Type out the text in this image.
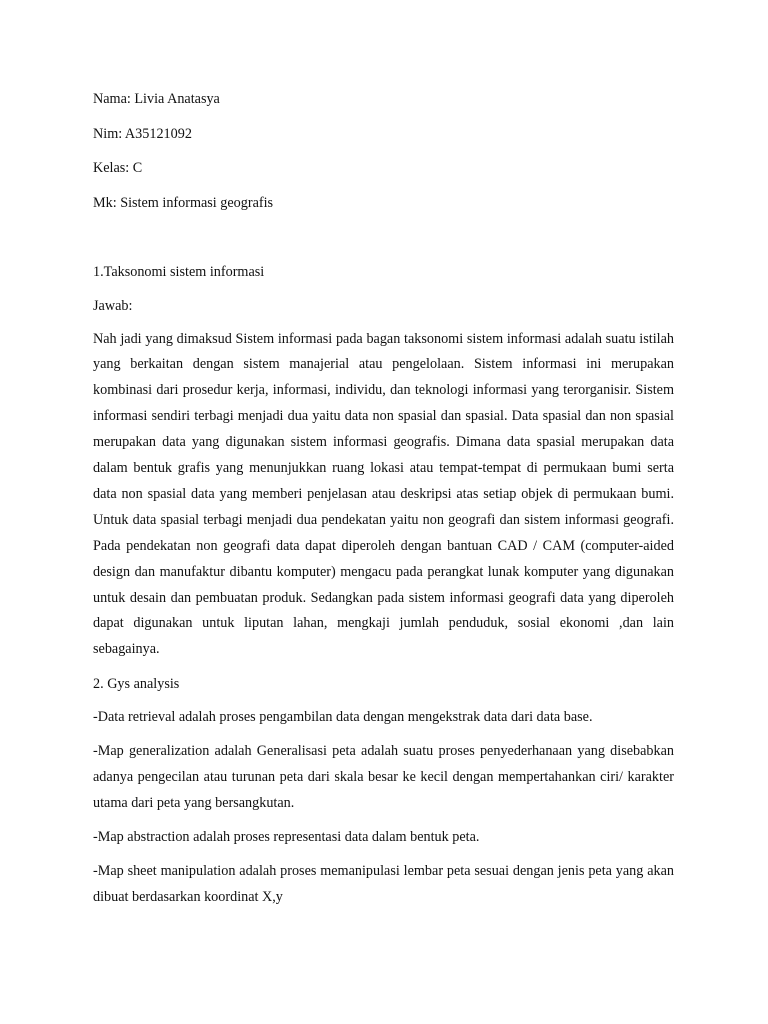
Nama: Livia Anatasya

Nim: A35121092

Kelas: C

Mk: Sistem informasi geografis

1.Taksonomi sistem informasi

Jawab:

Nah jadi yang dimaksud Sistem informasi pada bagan taksonomi sistem informasi adalah suatu istilah yang berkaitan dengan sistem manajerial atau pengelolaan. Sistem informasi ini merupakan kombinasi dari prosedur kerja, informasi, individu, dan teknologi informasi yang terorganisir. Sistem informasi sendiri terbagi menjadi dua yaitu data non spasial dan spasial. Data spasial dan non spasial merupakan data yang digunakan sistem informasi geografis. Dimana data spasial merupakan data dalam bentuk grafis yang menunjukkan ruang lokasi atau tempat-tempat di permukaan bumi serta data non spasial data yang memberi penjelasan atau deskripsi atas setiap objek di permukaan bumi. Untuk data spasial terbagi menjadi dua pendekatan yaitu non geografi dan sistem informasi geografi. Pada pendekatan non geografi data dapat diperoleh dengan bantuan CAD / CAM (computer-aided design dan manufaktur dibantu komputer) mengacu pada perangkat lunak komputer yang digunakan untuk desain dan pembuatan produk. Sedangkan pada sistem informasi geografi data yang diperoleh dapat digunakan untuk liputan lahan, mengkaji jumlah penduduk, sosial ekonomi ,dan lain sebagainya.

2. Gys analysis

-Data retrieval adalah proses pengambilan data dengan mengekstrak data dari data base.

-Map generalization adalah Generalisasi peta adalah suatu proses penyederhanaan yang disebabkan adanya pengecilan atau turunan peta dari skala besar ke kecil dengan mempertahankan ciri/ karakter utama dari peta yang bersangkutan.

-Map abstraction adalah proses representasi data dalam bentuk peta.

-Map sheet manipulation adalah proses memanipulasi lembar peta sesuai dengan jenis peta yang akan dibuat berdasarkan koordinat X,y
